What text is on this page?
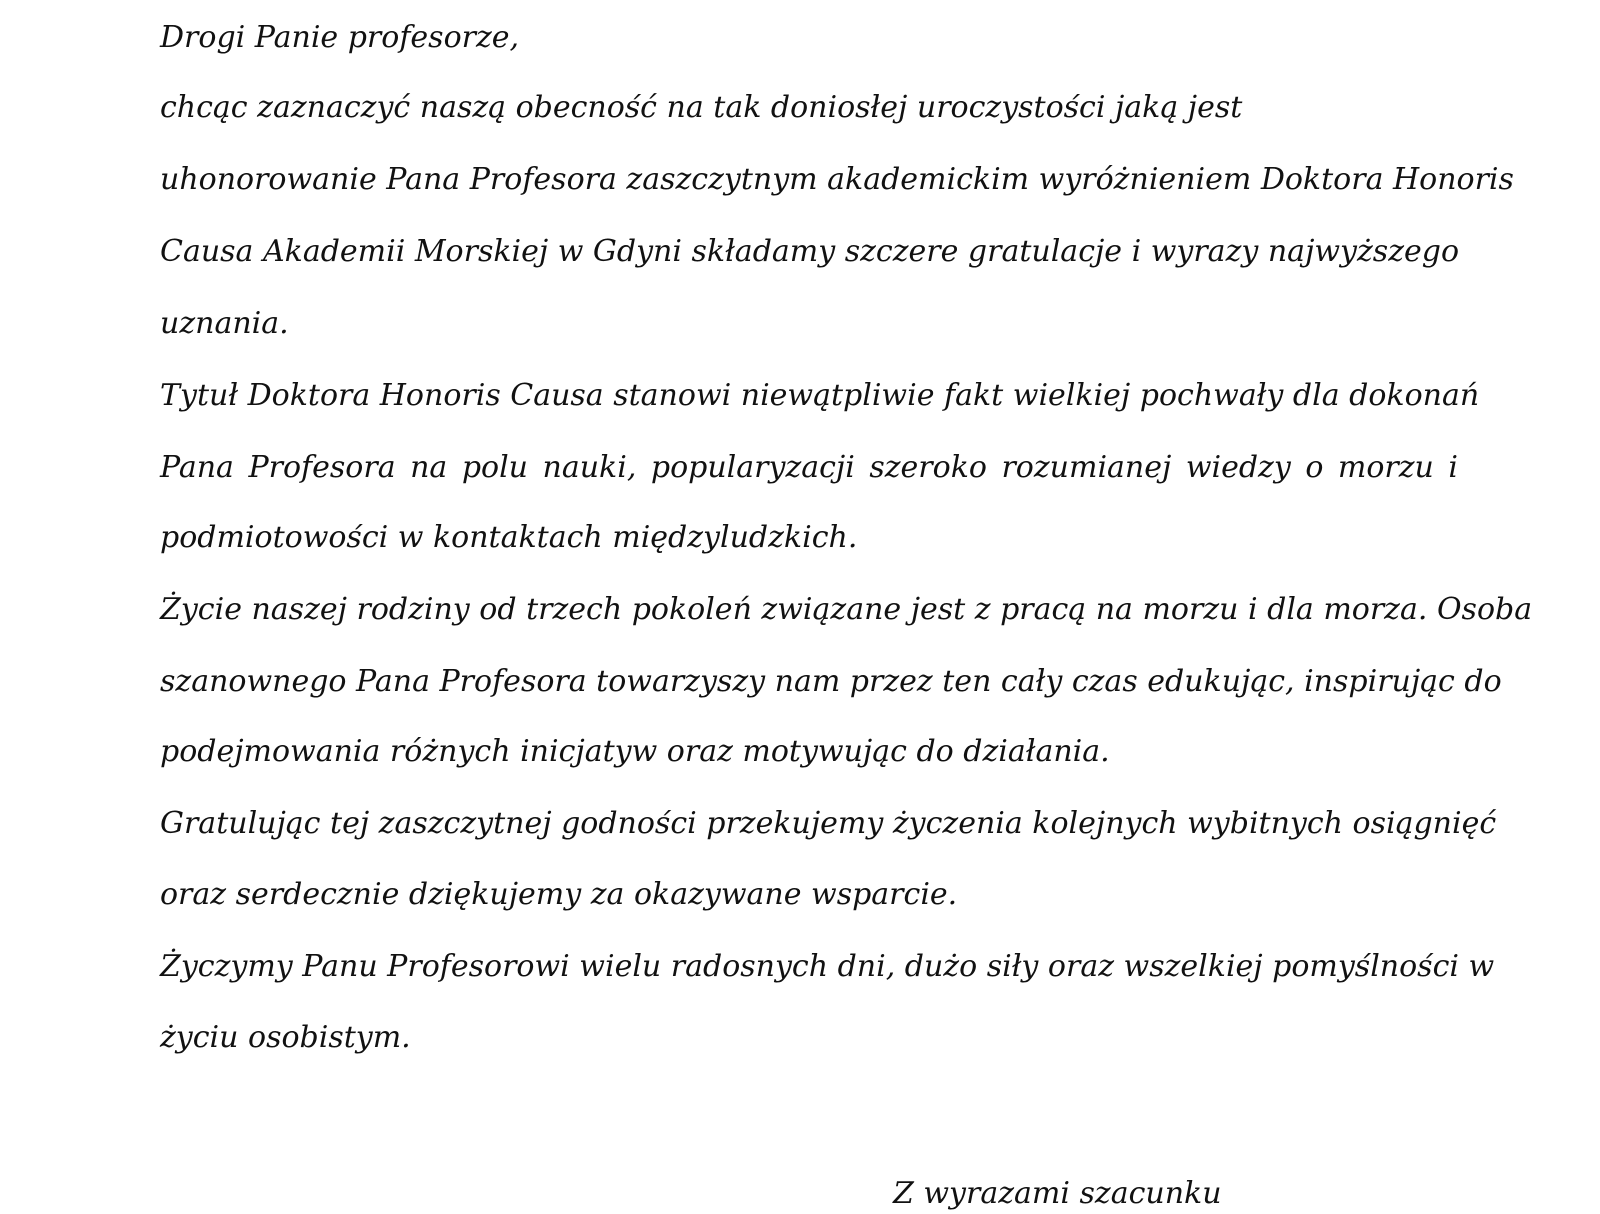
Drogi Panie profesorze,

chcąc zaznaczyć naszą obecność na tak doniosłej uroczystości jaką jest

uhonorowanie Pana Profesora zaszczytnym akademickim wyróżnieniem Doktora Honoris

Causa Akademii Morskiej w Gdyni składamy szczere gratulacje i wyrazy najwyższego

uznania.

Tytuł Doktora Honoris Causa stanowi niewątpliwie fakt wielkiej pochwały dla dokonań

Pana Profesora na polu nauki, popularyzacji szeroko rozumianej wiedzy o morzu i

podmiotowości w kontaktach międzyludzkich.

Życie naszej rodziny od trzech pokoleń związane jest z pracą na morzu i dla morza. Osoba

szanownego Pana Profesora towarzyszy nam przez ten cały czas edukując, inspirując do

podejmowania różnych inicjatyw oraz motywując do działania.

Gratulując tej zaszczytnej godności przekujemy życzenia kolejnych wybitnych osiągnięć

oraz serdecznie dziękujemy za okazywane wsparcie.

Życzymy Panu Profesorowi wielu radosnych dni, dużo siły oraz wszelkiej pomyślności w

życiu osobistym.

Z wyrazami szacunku
